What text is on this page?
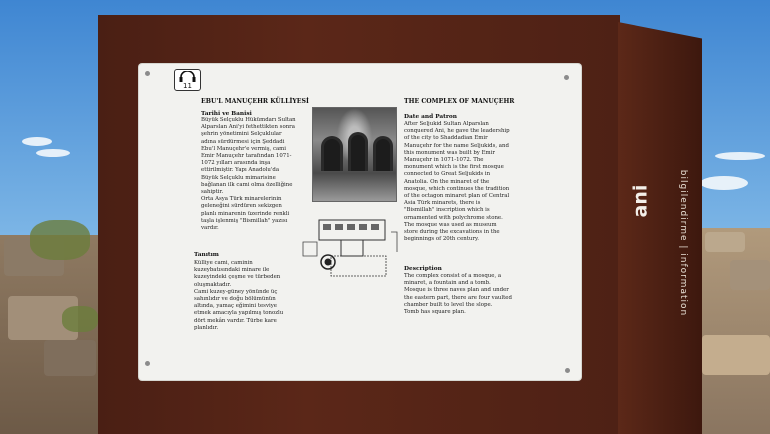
ani	bilgilendirme | information
11
EBU'L MANUÇEHR KÜLLİYESİ
Tarihi ve Banisi
Büyük Selçuklu Hükümdarı Sultan
Alparslan Ani'yi fethettikten sonra
şehrin yönetimini Selçuklular
adına sürdürmesi için Şeddadi
Ebu'l Manuçehr'e vermiş, cami
Emir Manuçehr tarafından 1071-
1072 yılları arasında inşa
ettirilmiştir. Yapı Anadolu'da
Büyük Selçuklu mimarisine
bağlanan ilk cami olma özelliğine
sahiptir.
Orta Asya Türk minarelerinin
geleneğini sürdüren sekizgen
planlı minarenin üzerinde renkli
taşla işlenmiş "Bismillah" yazısı
vardır.
Tanıtım
Külliye cami, caminin
kuzeybatısındaki minare ile
kuzeyindeki çeşme ve türbeden
oluşmaktadır.
Cami kuzey-güney yönünde üç
sahınlıdır ve doğu bölümünün
altında, yamaç eğimini tesviye
etmek amacıyla yapılmış tonozlu
dört mekân vardır. Türbe kare
planlıdır.
THE COMPLEX OF MANUÇEHR
Date and Patron
After Seljukid Sultan Alparslan
conquered Ani, he gave the leadership
of the city to Shaddadian Emir
Manuçehr for the name Seljukids, and
this monument was built by Emir
Manuçehr in 1071-1072. The
monument which is the first mosque
connected to Great Seljukids in
Anatolia. On the minaret of the
mosque, which continues the tradition
of the octagon minaret plan of Central
Asia Türk minarets, there is
"Bismillah" inscription which is
ornamented with polychrome stone.
The mosque was used as museum
store during the excavations in the
beginnings of 20th century.
Description
The complex consist of a mosque, a
minaret, a fountain and a tomb.
Mosque is three naves plan and under
the eastern part, there are four vaulted
chamber built to level the slope.
Tomb has square plan.
